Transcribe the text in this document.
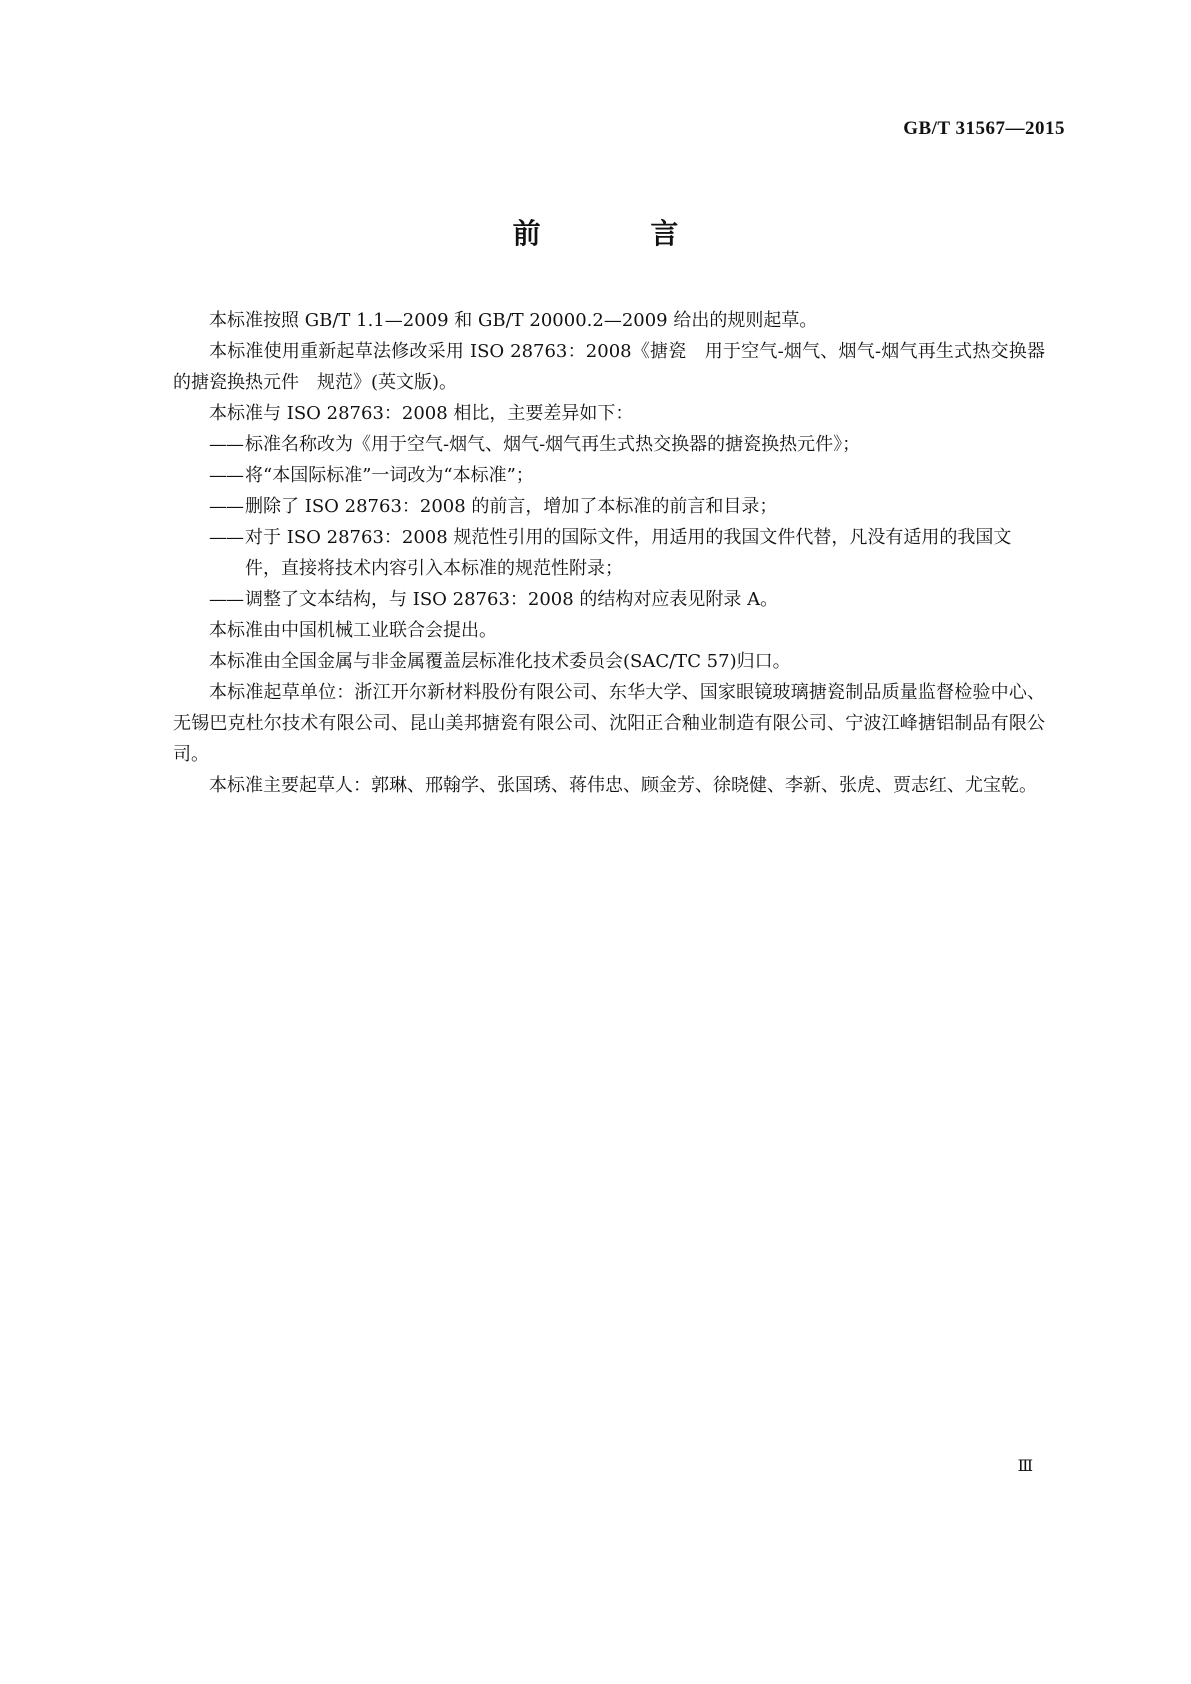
GB/T 31567—2015
前 言

本标准按照 GB/T 1.1—2009 和 GB/T 20000.2—2009 给出的规则起草。

本标准使用重新起草法修改采用 ISO 28763：2008《搪瓷　用于空气-烟气、烟气-烟气再生式热交换器的搪瓷换热元件　规范》(英文版)。

本标准与 ISO 28763：2008 相比，主要差异如下：

—— 标准名称改为《用于空气-烟气、烟气-烟气再生式热交换器的搪瓷换热元件》；
—— 将“本国际标准”一词改为“本标准”；
—— 删除了 ISO 28763：2008 的前言，增加了本标准的前言和目录；
—— 对于 ISO 28763：2008 规范性引用的国际文件，用适用的我国文件代替，凡没有适用的我国文
件，直接将技术内容引入本标准的规范性附录；
—— 调整了文本结构，与 ISO 28763：2008 的结构对应表见附录 A。

本标准由中国机械工业联合会提出。

本标准由全国金属与非金属覆盖层标准化技术委员会(SAC/TC 57)归口。

本标准起草单位：浙江开尔新材料股份有限公司、东华大学、国家眼镜玻璃搪瓷制品质量监督检验中心、无锡巴克杜尔技术有限公司、昆山美邦搪瓷有限公司、沈阳正合釉业制造有限公司、宁波江峰搪铝制品有限公司。

本标准主要起草人：郭琳、邢翰学、张国琇、蒋伟忠、顾金芳、徐晓健、李新、张虎、贾志红、尤宝乾。

Ⅲ
